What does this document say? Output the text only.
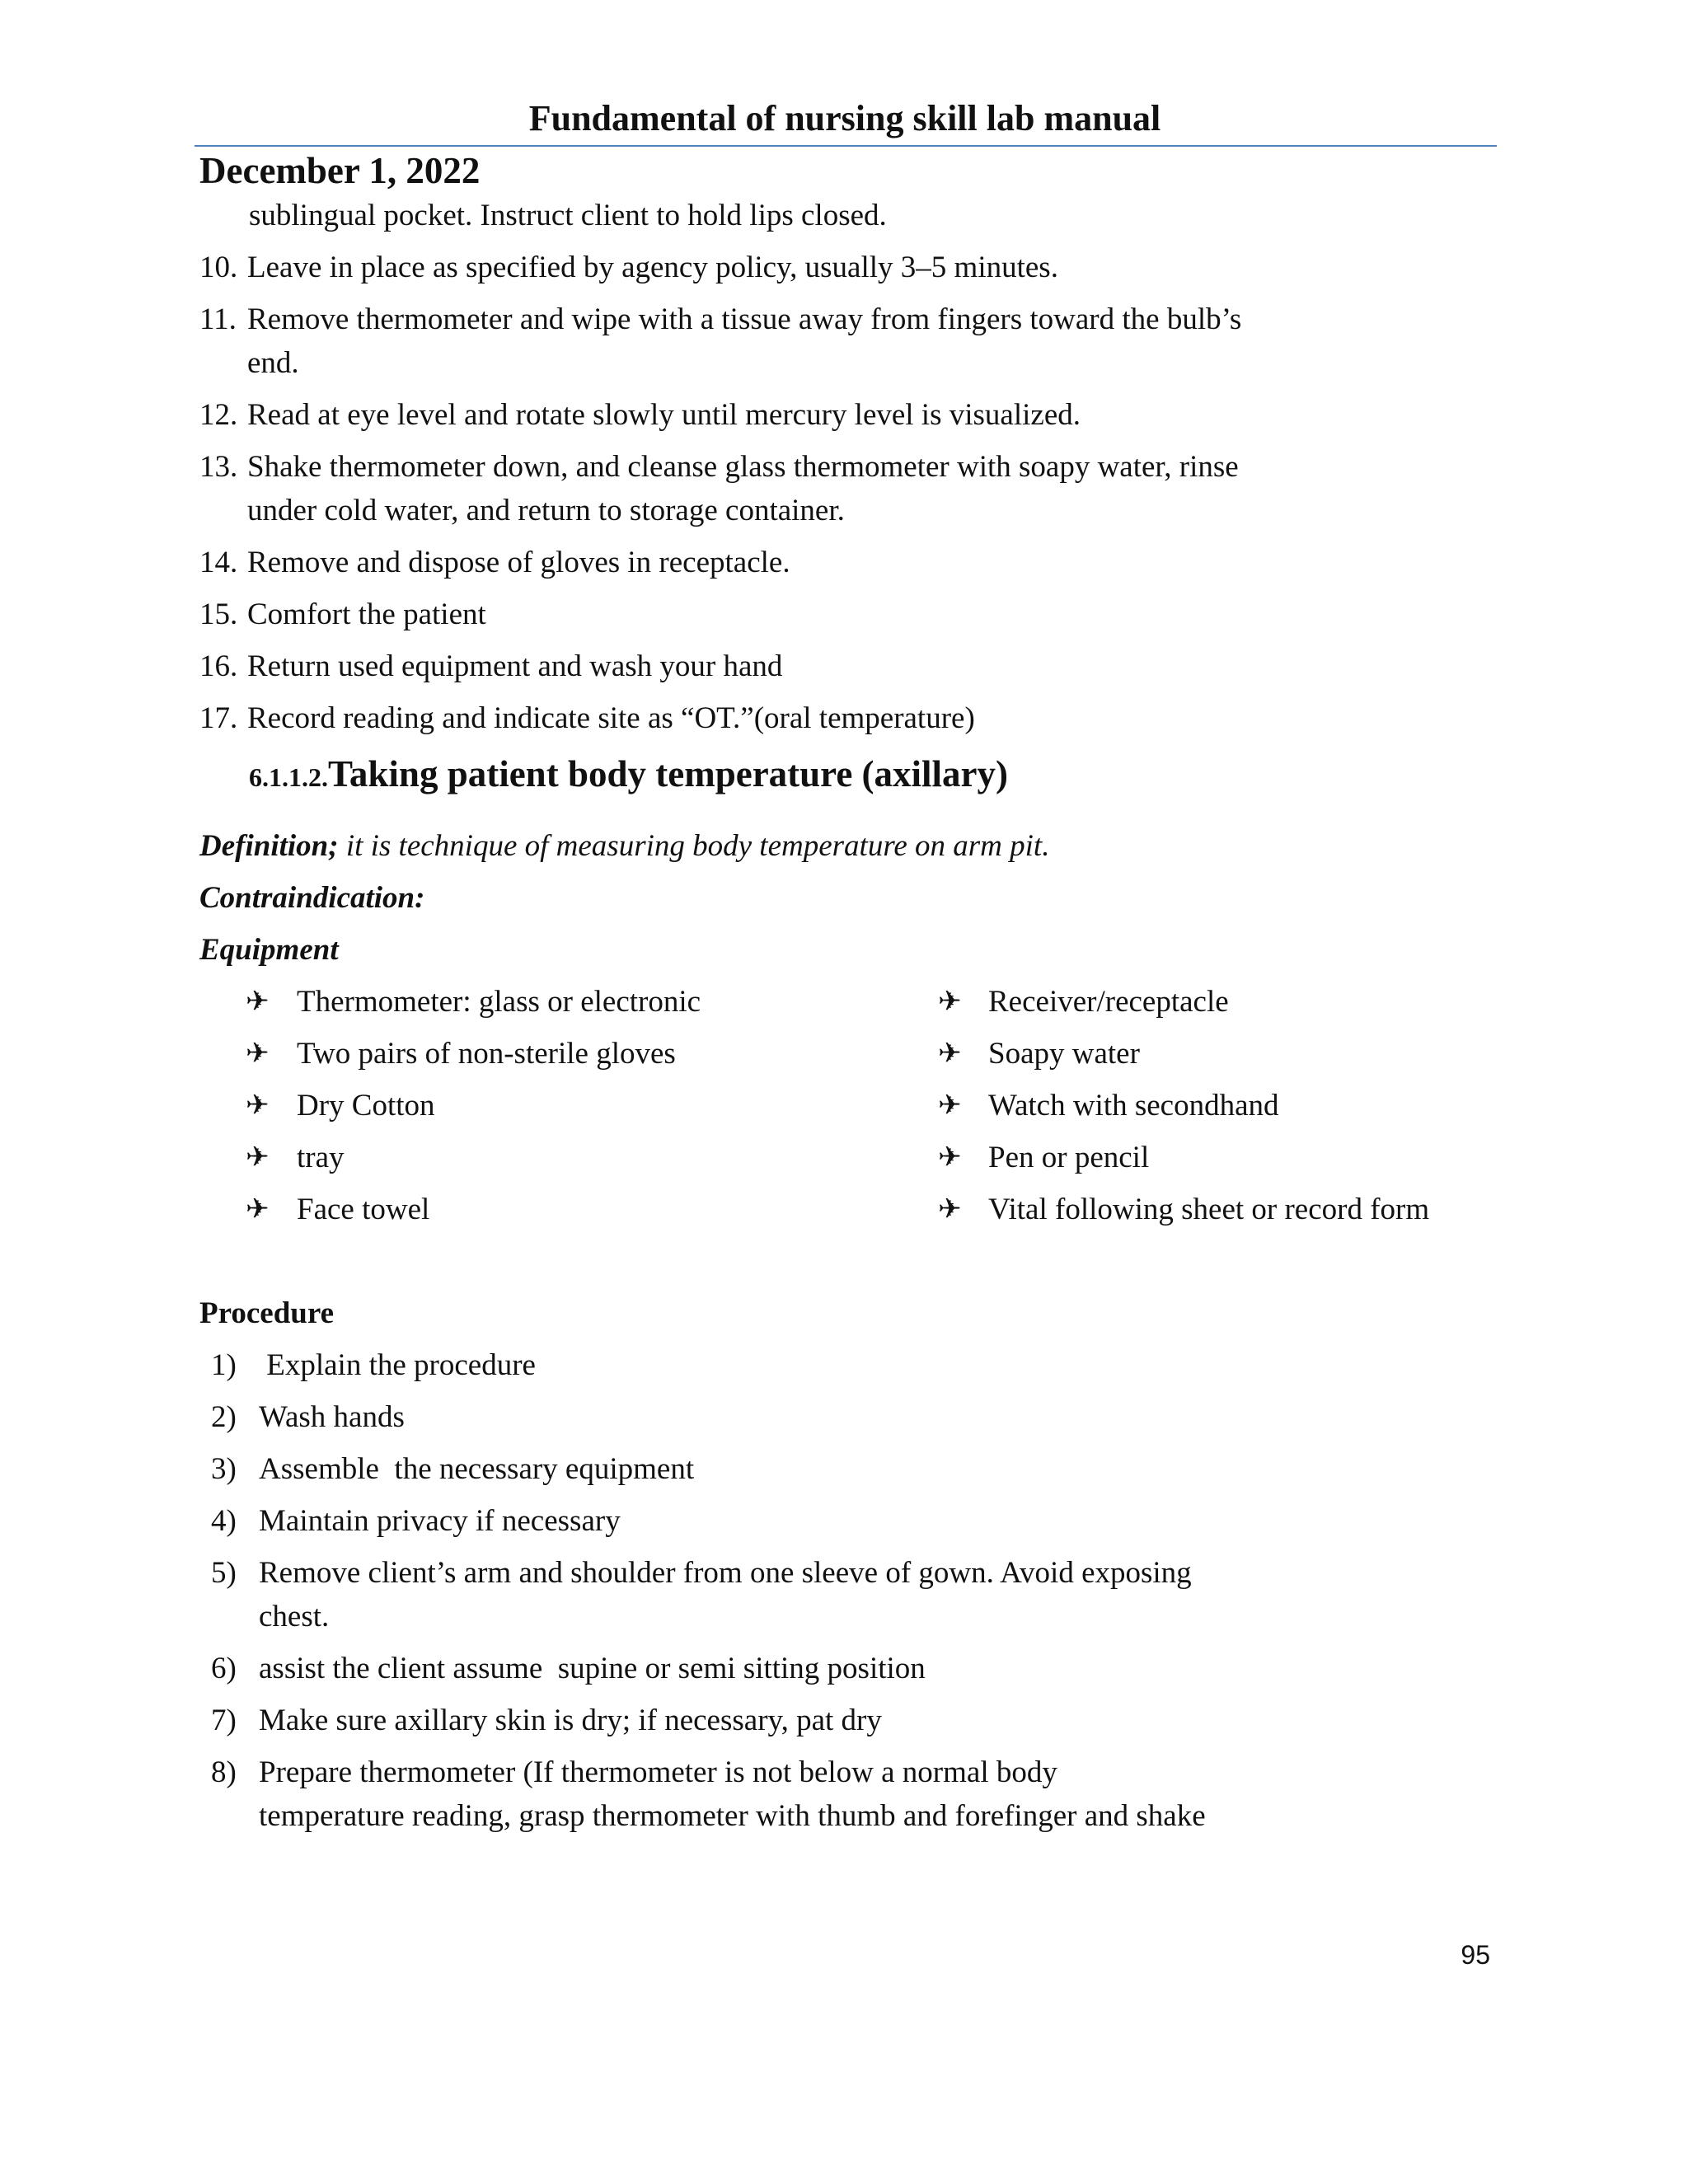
Fundamental of nursing skill lab manual
December 1, 2022
sublingual pocket. Instruct client to hold lips closed.
10. Leave in place as specified by agency policy, usually 3–5 minutes.
11. Remove thermometer and wipe with a tissue away from fingers toward the bulb’s
end.
12. Read at eye level and rotate slowly until mercury level is visualized.
13. Shake thermometer down, and cleanse glass thermometer with soapy water, rinse
under cold water, and return to storage container.
14. Remove and dispose of gloves in receptacle.
15. Comfort the patient
16. Return used equipment and wash your hand
17. Record reading and indicate site as “OT.”(oral temperature)
6.1.1.2.Taking patient body temperature (axillary)
Definition; it is technique of measuring body temperature on arm pit.
Contraindication:
Equipment
✈ Thermometer: glass or electronic
✈ Two pairs of non-sterile gloves
✈ Dry Cotton
✈ tray
✈ Face towel
✈ Receiver/receptacle
✈ Soapy water
✈ Watch with secondhand
✈ Pen or pencil
✈ Vital following sheet or record form
Procedure
1) Explain the procedure
2) Wash hands
3) Assemble  the necessary equipment
4) Maintain privacy if necessary
5) Remove client’s arm and shoulder from one sleeve of gown. Avoid exposing
chest.
6) assist the client assume  supine or semi sitting position
7) Make sure axillary skin is dry; if necessary, pat dry
8) Prepare thermometer (If thermometer is not below a normal body
temperature reading, grasp thermometer with thumb and forefinger and shake
95
